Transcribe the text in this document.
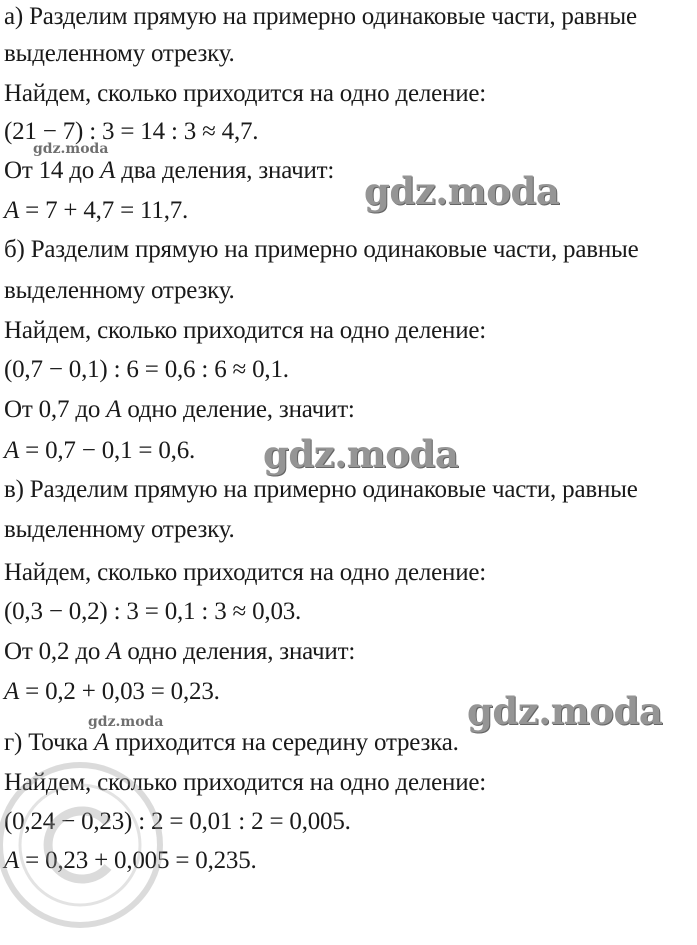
а) Разделим прямую на примерно одинаковые части, равные
выделенному отрезку.
Найдем, сколько приходится на одно деление:
(21 − 7) : 3 = 14 : 3 ≈ 4,7.
От 14 до A два деления, значит:
A = 7 + 4,7 = 11,7.
б) Разделим прямую на примерно одинаковые части, равные
выделенному отрезку.
Найдем, сколько приходится на одно деление:
(0,7 − 0,1) : 6 = 0,6 : 6 ≈ 0,1.
От 0,7 до A одно деление, значит:
A = 0,7 − 0,1 = 0,6.
в) Разделим прямую на примерно одинаковые части, равные
выделенному отрезку.
Найдем, сколько приходится на одно деление:
(0,3 − 0,2) : 3 = 0,1 : 3 ≈ 0,03.
От 0,2 до A одно деления, значит:
A = 0,2 + 0,03 = 0,23.
г) Точка A приходится на середину отрезка.
Найдем, сколько приходится на одно деление:
(0,24 − 0,23) : 2 = 0,01 : 2 = 0,005.
A = 0,23 + 0,005 = 0,235.
gdz.moda
gdz.moda
gdz.moda
gdz.moda
gdz.moda
